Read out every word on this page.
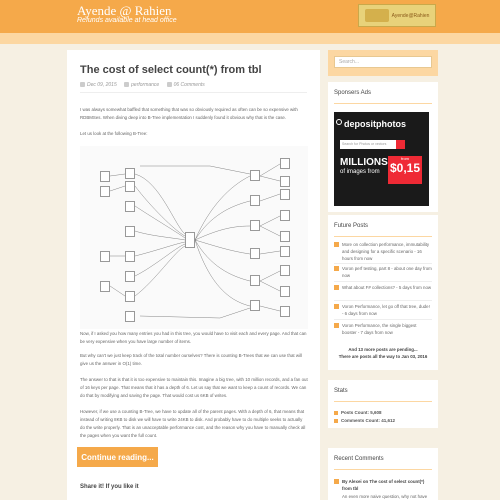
Ayende @ Rahien
Refunds available at head office
Ayende@Rahien
The cost of select count(*) from tbl
Dec 09, 2015	performance	06 Comments
I was always somewhat baffled that something that was so obviously required as often can be so expensive with RDBMSes. When diving deep into B-Tree implementation I suddenly found it obvious why that is the case.
Let us look at the following B-Tree:
Now, if I asked you how many entries you had in this tree, you would have to visit each and every page. And that can be very expensive when you have large number of items.
But why can't we just keep track of the total number ourselves? There is counting B-Trees that we can use that will give us the answer in O(1) time.
The answer to that is that it is too expensive to maintain this. Imagine a big tree, with 10 million records, and a fan out of 16 keys per page. That means that it has a depth of 6. Let us say that we want to keep a count of records. We can do that by modifying and saving the page. That would cost us 6KB of writes.
However, if we use a counting B-Tree, we have to update all of the parent pages. With a depth of 6, that means that instead of writing 8KB to disk we will have to write 24KB to disk. And probably have to do multiple seeks to actually do the write properly. That is an unacceptable performance cost, and the reason why you have to manually check all the pages when you want the full count.
Continue reading...
Share it! If you like it
Search...
Sponsers Ads
depositphotos
Search for Photos or vectors
MILLIONS
of images from
from
$0,15
Future Posts
More on collection performance, immutability and designing for a specific scenario - 16 hours from now
Voron perf testing, part 8 - about one day from now
What about F# collections? - 5 days from now
Voron Performance, let go off that tree, dude! - 6 days from now
Voron Performance, the single biggest booster - 7 days from now
And 13 more posts are pending...
There are posts all the way to Jan 03, 2016
Stats
Posts Count: 5,608
Comments Count: 41,612
Recent Comments
By Alexei on The cost of select count(*) from tbl
An even more naive question, why not have
